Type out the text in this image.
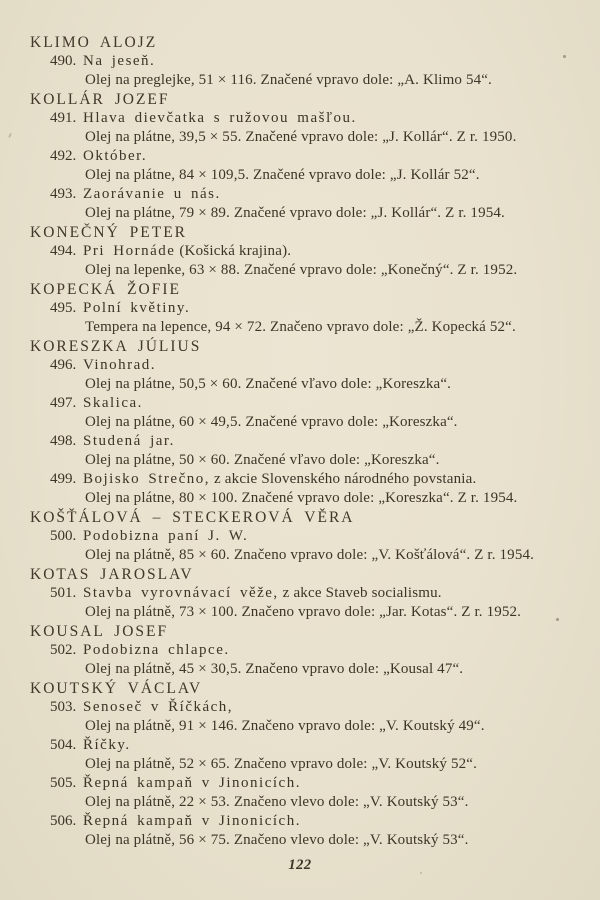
KLIMO ALOJZ
490. Na jeseň.
Olej na preglejke, 51 × 116. Značené vpravo dole: „A. Klimo 54“.
KOLLÁR JOZEF
491. Hlava dievčatka s ružovou mašľou.
Olej na plátne, 39,5 × 55. Značené vpravo dole: „J. Kollár“. Z r. 1950.
492. Október.
Olej na plátne, 84 × 109,5. Značené vpravo dole: „J. Kollár 52“.
493. Zaorávanie u nás.
Olej na plátne, 79 × 89. Značené vpravo dole: „J. Kollár“. Z r. 1954.
KONEČNÝ PETER
494. Pri Hornáde (Košická krajina).
Olej na lepenke, 63 × 88. Značené vpravo dole: „Konečný“. Z r. 1952.
KOPECKÁ ŽOFIE
495. Polní květiny.
Tempera na lepence, 94 × 72. Značeno vpravo dole: „Ž. Kopecká 52“.
KORESZKA JÚLIUS
496. Vinohrad.
Olej na plátne, 50,5 × 60. Značené vľavo dole: „Koreszka“.
497. Skalica.
Olej na plátne, 60 × 49,5. Značené vpravo dole: „Koreszka“.
498. Studená jar.
Olej na plátne, 50 × 60. Značené vľavo dole: „Koreszka“.
499. Bojisko Strečno, z akcie Slovenského národného povstania.
Olej na plátne, 80 × 100. Značené vpravo dole: „Koreszka“. Z r. 1954.
KOŠŤÁLOVÁ – STECKEROVÁ VĚRA
500. Podobizna paní J. W.
Olej na plátně, 85 × 60. Značeno vpravo dole: „V. Košťálová“. Z r. 1954.
KOTAS JAROSLAV
501. Stavba vyrovnávací věže, z akce Staveb socialismu.
Olej na plátně, 73 × 100. Značeno vpravo dole: „Jar. Kotas“. Z r. 1952.
KOUSAL JOSEF
502. Podobizna chlapce.
Olej na plátně, 45 × 30,5. Značeno vpravo dole: „Kousal 47“.
KOUTSKÝ VÁCLAV
503. Senoseč v Říčkách,
Olej na plátně, 91 × 146. Značeno vpravo dole: „V. Koutský 49“.
504. Říčky.
Olej na plátně, 52 × 65. Značeno vpravo dole: „V. Koutský 52“.
505. Řepná kampaň v Jinonicích.
Olej na plátně, 22 × 53. Značeno vlevo dole: „V. Koutský 53“.
506. Řepná kampaň v Jinonicích.
Olej na plátně, 56 × 75. Značeno vlevo dole: „V. Koutský 53“.
122
